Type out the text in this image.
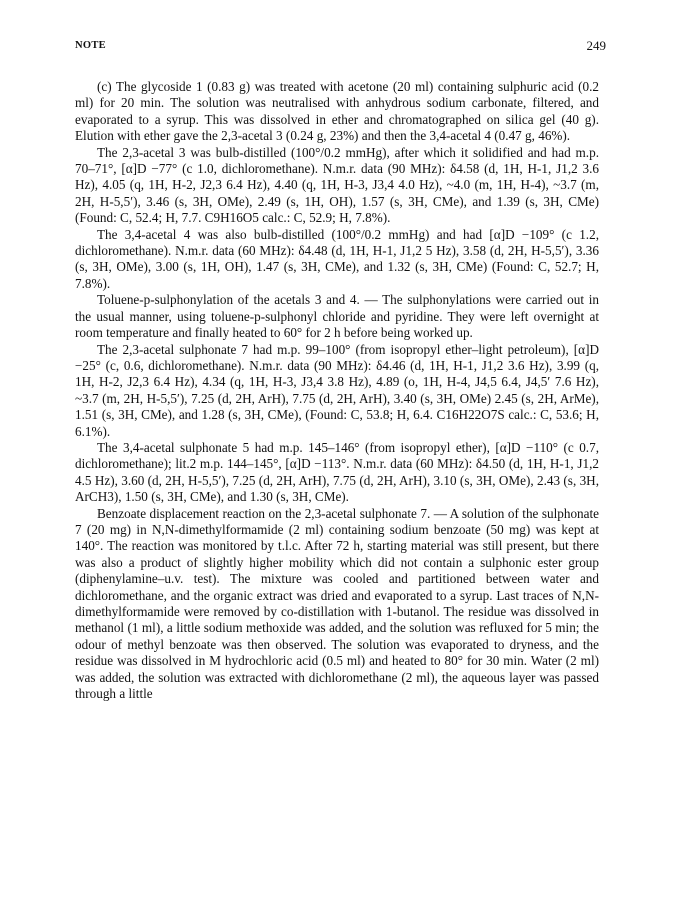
NOTE	249

(c) The glycoside 1 (0.83 g) was treated with acetone (20 ml) containing sulphuric acid (0.2 ml) for 20 min. The solution was neutralised with anhydrous sodium carbonate, filtered, and evaporated to a syrup. This was dissolved in ether and chromatographed on silica gel (40 g). Elution with ether gave the 2,3-acetal 3 (0.24 g, 23%) and then the 3,4-acetal 4 (0.47 g, 46%).

The 2,3-acetal 3 was bulb-distilled (100°/0.2 mmHg), after which it solidified and had m.p. 70–71°, [α]D −77° (c 1.0, dichloromethane). N.m.r. data (90 MHz): δ4.58 (d, 1H, H-1, J1,2 3.6 Hz), 4.05 (q, 1H, H-2, J2,3 6.4 Hz), 4.40 (q, 1H, H-3, J3,4 4.0 Hz), ~4.0 (m, 1H, H-4), ~3.7 (m, 2H, H-5,5′), 3.46 (s, 3H, OMe), 2.49 (s, 1H, OH), 1.57 (s, 3H, CMe), and 1.39 (s, 3H, CMe) (Found: C, 52.4; H, 7.7. C9H16O5 calc.: C, 52.9; H, 7.8%).

The 3,4-acetal 4 was also bulb-distilled (100°/0.2 mmHg) and had [α]D −109° (c 1.2, dichloromethane). N.m.r. data (60 MHz): δ4.48 (d, 1H, H-1, J1,2 5 Hz), 3.58 (d, 2H, H-5,5′), 3.36 (s, 3H, OMe), 3.00 (s, 1H, OH), 1.47 (s, 3H, CMe), and 1.32 (s, 3H, CMe) (Found: C, 52.7; H, 7.8%).

Toluene-p-sulphonylation of the acetals 3 and 4. — The sulphonylations were carried out in the usual manner, using toluene-p-sulphonyl chloride and pyridine. They were left overnight at room temperature and finally heated to 60° for 2 h before being worked up.

The 2,3-acetal sulphonate 7 had m.p. 99–100° (from isopropyl ether–light petroleum), [α]D −25° (c, 0.6, dichloromethane). N.m.r. data (90 MHz): δ4.46 (d, 1H, H-1, J1,2 3.6 Hz), 3.99 (q, 1H, H-2, J2,3 6.4 Hz), 4.34 (q, 1H, H-3, J3,4 3.8 Hz), 4.89 (o, 1H, H-4, J4,5 6.4, J4,5′ 7.6 Hz), ~3.7 (m, 2H, H-5,5′), 7.25 (d, 2H, ArH), 7.75 (d, 2H, ArH), 3.40 (s, 3H, OMe) 2.45 (s, 2H, ArMe), 1.51 (s, 3H, CMe), and 1.28 (s, 3H, CMe), (Found: C, 53.8; H, 6.4. C16H22O7S calc.: C, 53.6; H, 6.1%).

The 3,4-acetal sulphonate 5 had m.p. 145–146° (from isopropyl ether), [α]D −110° (c 0.7, dichloromethane); lit.2 m.p. 144–145°, [α]D −113°. N.m.r. data (60 MHz): δ4.50 (d, 1H, H-1, J1,2 4.5 Hz), 3.60 (d, 2H, H-5,5′), 7.25 (d, 2H, ArH), 7.75 (d, 2H, ArH), 3.10 (s, 3H, OMe), 2.43 (s, 3H, ArCH3), 1.50 (s, 3H, CMe), and 1.30 (s, 3H, CMe).

Benzoate displacement reaction on the 2,3-acetal sulphonate 7. — A solution of the sulphonate 7 (20 mg) in N,N-dimethylformamide (2 ml) containing sodium benzoate (50 mg) was kept at 140°. The reaction was monitored by t.l.c. After 72 h, starting material was still present, but there was also a product of slightly higher mobility which did not contain a sulphonic ester group (diphenylamine–u.v. test). The mixture was cooled and partitioned between water and dichloromethane, and the organic extract was dried and evaporated to a syrup. Last traces of N,N-dimethylformamide were removed by co-distillation with 1-butanol. The residue was dissolved in methanol (1 ml), a little sodium methoxide was added, and the solution was refluxed for 5 min; the odour of methyl benzoate was then observed. The solution was evaporated to dryness, and the residue was dissolved in M hydrochloric acid (0.5 ml) and heated to 80° for 30 min. Water (2 ml) was added, the solution was extracted with dichloromethane (2 ml), the aqueous layer was passed through a little
